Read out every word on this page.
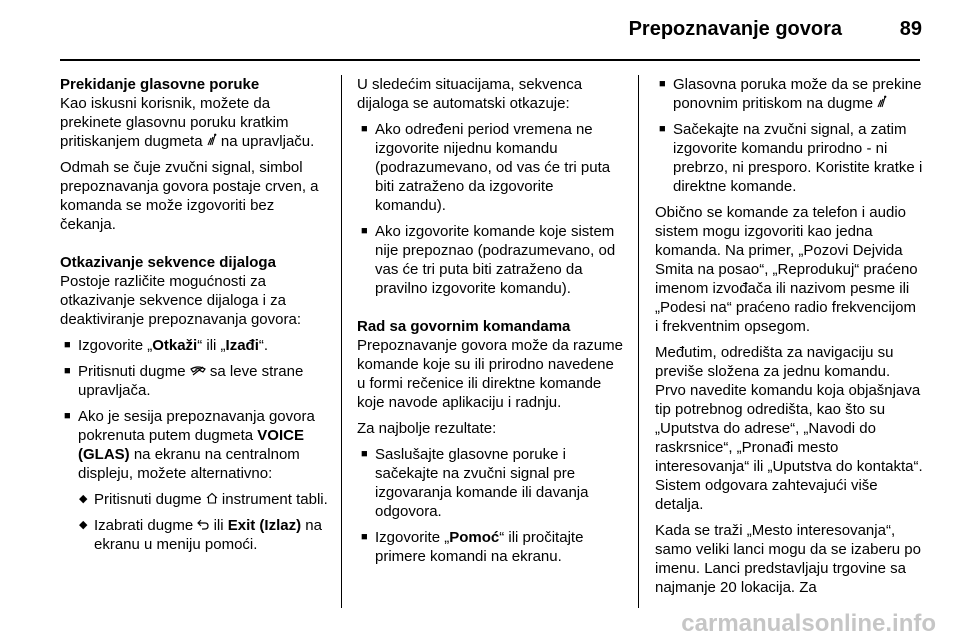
Prepoznavanje govora	89

Prekidanje glasovne poruke

Kao iskusni korisnik, možete da prekinete glasovnu poruku kratkim pritiskanjem dugmeta na upravljaču.

Odmah se čuje zvučni signal, simbol prepoznavanja govora postaje crven, a komanda se može izgovoriti bez čekanja.

Otkazivanje sekvence dijaloga

Postoje različite mogućnosti za otkazivanje sekvence dijaloga i za deaktiviranje prepoznavanja govora:

■ Izgovorite „Otkaži“ ili „Izađi“.
■ Pritisnuti dugme sa leve strane upravljača.
■ Ako je sesija prepoznavanja govora pokrenuta putem dugmeta VOICE (GLAS) na ekranu na centralnom displeju, možete alternativno:
◆ Pritisnuti dugme instrument tabli.
◆ Izabrati dugme ili Exit (Izlaz) na ekranu u meniju pomoći.

U sledećim situacijama, sekvenca dijaloga se automatski otkazuje:

■ Ako određeni period vremena ne izgovorite nijednu komandu (podrazumevano, od vas će tri puta biti zatraženo da izgovorite komandu).
■ Ako izgovorite komande koje sistem nije prepoznao (podrazumevano, od vas će tri puta biti zatraženo da pravilno izgovorite komandu).

Rad sa govornim komandama

Prepoznavanje govora može da razume komande koje su ili prirodno navedene u formi rečenice ili direktne komande koje navode aplikaciju i radnju.

Za najbolje rezultate:

■ Saslušajte glasovne poruke i sačekajte na zvučni signal pre izgovaranja komande ili davanja odgovora.
■ Izgovorite „Pomoć“ ili pročitajte primere komandi na ekranu.
■ Glasovna poruka može da se prekine ponovnim pritiskom na dugme
■ Sačekajte na zvučni signal, a zatim izgovorite komandu prirodno - ni prebrzo, ni presporo. Koristite kratke i direktne komande.

Obično se komande za telefon i audio sistem mogu izgovoriti kao jedna komanda. Na primer, „Pozovi Dejvida Smita na posao“, „Reprodukuj“ praćeno imenom izvođača ili nazivom pesme ili „Podesi na“ praćeno radio frekvencijom i frekventnim opsegom.

Međutim, odredišta za navigaciju su previše složena za jednu komandu. Prvo navedite komandu koja objašnjava tip potrebnog odredišta, kao što su „Uputstva do adrese“, „Navodi do raskrsnice“, „Pronađi mesto interesovanja“ ili „Uputstva do kontakta“. Sistem odgovara zahtevajući više detalja.

Kada se traži „Mesto interesovanja“, samo veliki lanci mogu da se izaberu po imenu. Lanci predstavljaju trgovine sa najmanje 20 lokacija. Za

carmanualsonline.info
